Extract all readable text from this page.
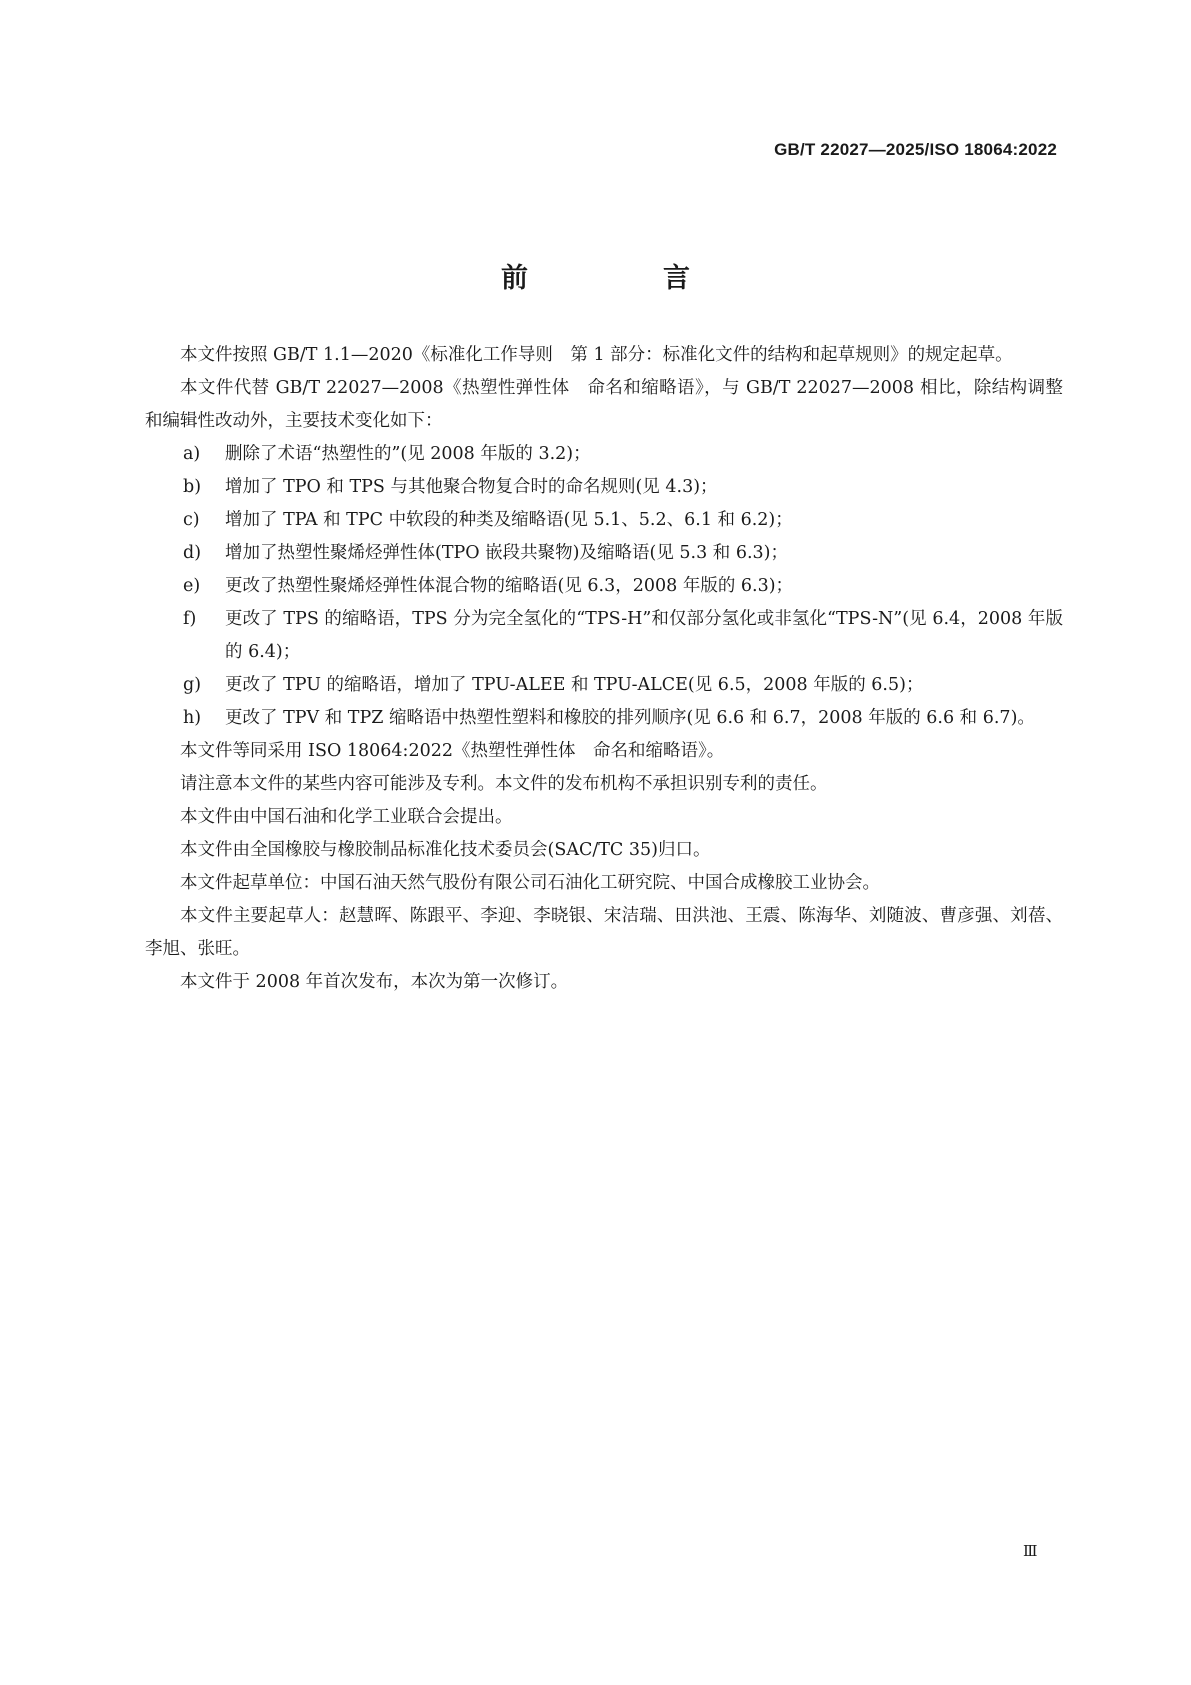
GB/T 22027—2025/ISO 18064:2022
前　言

本文件按照 GB/T 1.1—2020《标准化工作导则　第 1 部分：标准化文件的结构和起草规则》的规定起草。

本文件代替 GB/T 22027—2008《热塑性弹性体　命名和缩略语》，与 GB/T 22027—2008 相比，除结构调整和编辑性改动外，主要技术变化如下：

a) 删除了术语“热塑性的”(见 2008 年版的 3.2)；

b) 增加了 TPO 和 TPS 与其他聚合物复合时的命名规则(见 4.3)；

c) 增加了 TPA 和 TPC 中软段的种类及缩略语(见 5.1、5.2、6.1 和 6.2)；

d) 增加了热塑性聚烯烃弹性体(TPO 嵌段共聚物)及缩略语(见 5.3 和 6.3)；

e) 更改了热塑性聚烯烃弹性体混合物的缩略语(见 6.3，2008 年版的 6.3)；

f) 更改了 TPS 的缩略语，TPS 分为完全氢化的“TPS-H”和仅部分氢化或非氢化“TPS-N”(见 6.4，2008 年版的 6.4)；

g) 更改了 TPU 的缩略语，增加了 TPU-ALEE 和 TPU-ALCE(见 6.5，2008 年版的 6.5)；

h) 更改了 TPV 和 TPZ 缩略语中热塑性塑料和橡胶的排列顺序(见 6.6 和 6.7，2008 年版的 6.6 和 6.7)。

本文件等同采用 ISO 18064:2022《热塑性弹性体　命名和缩略语》。

请注意本文件的某些内容可能涉及专利。本文件的发布机构不承担识别专利的责任。

本文件由中国石油和化学工业联合会提出。

本文件由全国橡胶与橡胶制品标准化技术委员会(SAC/TC 35)归口。

本文件起草单位：中国石油天然气股份有限公司石油化工研究院、中国合成橡胶工业协会。

本文件主要起草人：赵慧晖、陈跟平、李迎、李晓银、宋洁瑞、田洪池、王震、陈海华、刘随波、曹彦强、刘蓓、李旭、张旺。

本文件于 2008 年首次发布，本次为第一次修订。

Ⅲ
